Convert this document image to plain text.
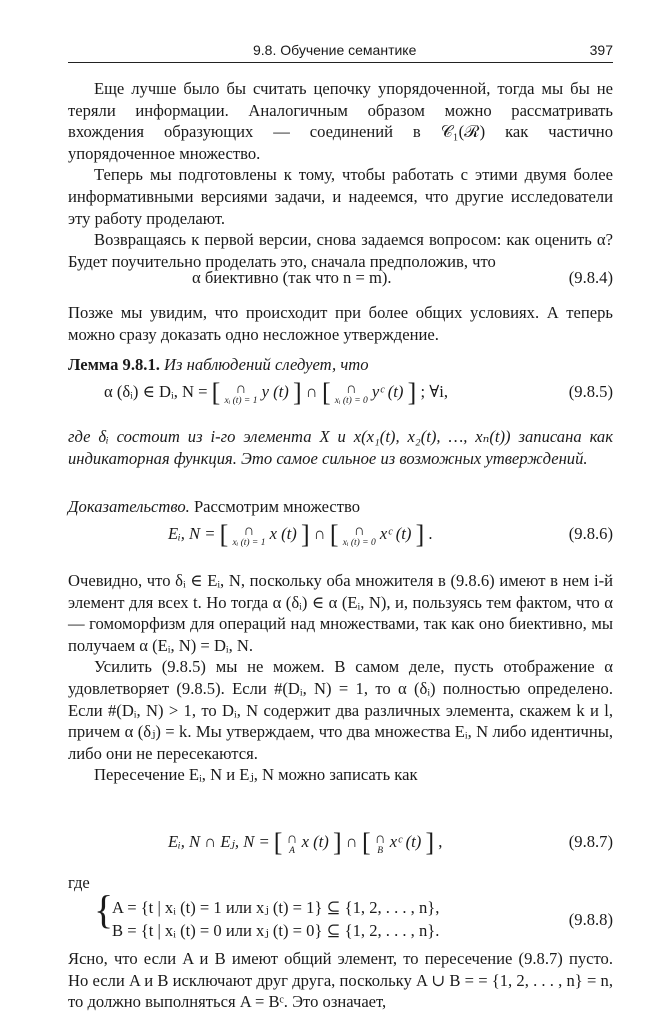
9.8. Обучение семантике	397

Еще лучше было бы считать цепочку упорядоченной, тогда мы бы не теряли информации. Аналогичным образом можно рассматривать вхождения образующих — соединений в 𝒞₁(ℛ) как частично упорядоченное множество.

Теперь мы подготовлены к тому, чтобы работать с этими двумя более информативными версиями задачи, и надеемся, что другие исследователи эту работу проделают.

Возвращаясь к первой версии, снова задаемся вопросом: как оценить α? Будет поучительно проделать это, сначала предположив, что

α биективно (так что n = m).	(9.8.4)

Позже мы увидим, что происходит при более общих условиях. А теперь можно сразу доказать одно несложное утверждение.

Лемма 9.8.1. Из наблюдений следует, что

α (δᵢ) ∈ Dᵢ, N = [	∩
xᵢ (t) = 1 y (t) ] ∩ [	∩
xᵢ (t) = 0 yᶜ (t) ] ; ∀i,	(9.8.5)

где δᵢ состоит из i-го элемента X и x(x₁(t), x₂(t), …, xₙ(t)) записана как индикаторная функция. Это самое сильное из возможных утверждений.

Доказательство. Рассмотрим множество

Eᵢ, N = [	∩
xᵢ (t) = 1 x (t) ] ∩ [	∩
xᵢ (t) = 0 xᶜ (t) ] .	(9.8.6)

Очевидно, что δᵢ ∈ Eᵢ, N, поскольку оба множителя в (9.8.6) имеют в нем i-й элемент для всех t. Но тогда α (δᵢ) ∈ α (Eᵢ, N), и, пользуясь тем фактом, что α — гомоморфизм для операций над множествами, так как оно биективно, мы получаем α (Eᵢ, N) = Dᵢ, N.

Усилить (9.8.5) мы не можем. В самом деле, пусть отображение α удовлетворяет (9.8.5). Если #(Dᵢ, N) = 1, то α (δᵢ) полностью определено. Если #(Dᵢ, N) > 1, то Dᵢ, N содержит два различных элемента, скажем k и l, причем α (δⱼ) = k. Мы утверждаем, что два множества Eᵢ, N либо идентичны, либо они не пересекаются.

Пересечение Eᵢ, N и Eⱼ, N можно записать как

Eᵢ, N ∩ Eⱼ, N = [ ∩
A x (t) ] ∩ [ ∩
B xᶜ (t) ] ,	(9.8.7)

где

{
A = {t | xᵢ (t) = 1 или xⱼ (t) = 1} ⊆ {1, 2, . . . , n},
B = {t | xᵢ (t) = 0 или xⱼ (t) = 0} ⊆ {1, 2, . . . , n}.
(9.8.8)

Ясно, что если A и B имеют общий элемент, то пересечение (9.8.7) пусто. Но если A и B исключают друг друга, поскольку A ∪ B = = {1, 2, . . . , n} = n, то должно выполняться A = Bᶜ. Это означает,
